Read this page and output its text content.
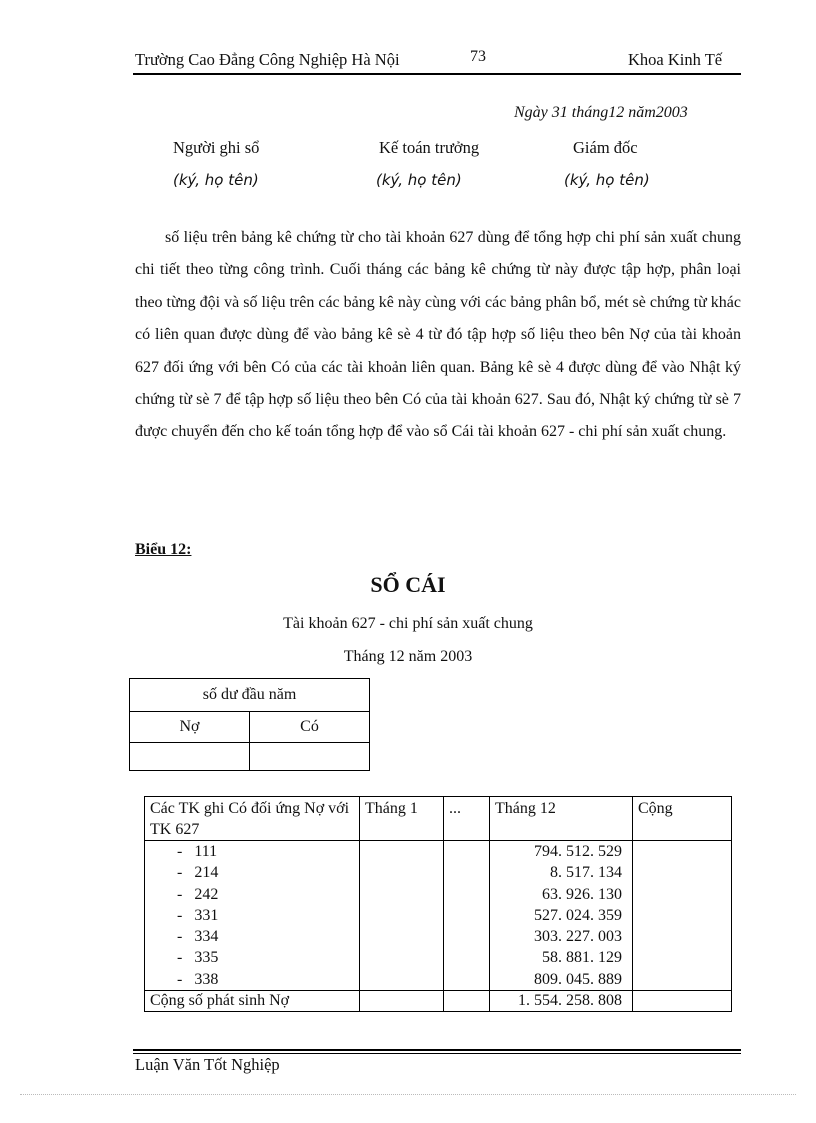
Trường Cao Đẳng Công Nghiệp Hà Nội	73	Khoa Kinh Tế
Ngày 31 tháng12 năm2003
Người ghi sổ	Kế toán trưởng	Giám đốc
(ký, họ tên)	(ký, họ tên)	(ký, họ tên)
số liệu trên bảng kê chứng từ cho tài khoản 627 dùng để tổng hợp chi phí sản xuất chung chi tiết theo từng công trình. Cuối tháng các bảng kê chứng từ này được tập hợp, phân loại theo từng đội và số liệu trên các bảng kê này cùng với các bảng phân bổ, mét sè chứng từ khác có liên quan được dùng để vào bảng kê sè 4 từ đó tập hợp số liệu theo bên Nợ của tài khoản 627 đối ứng với bên Có của các tài khoản liên quan. Bảng kê sè 4 được dùng để vào Nhật ký chứng từ sè 7 để tập hợp số liệu theo bên Có của tài khoản 627. Sau đó, Nhật ký chứng từ sè 7 được chuyển đến cho kế toán tổng hợp để vào sổ Cái tài khoản 627 - chi phí sản xuất chung.
Biểu 12:
SỔ CÁI
Tài khoản 627 - chi phí sản xuất chung
Tháng 12 năm 2003
số dư đầu năm	
Nợ	Có

Các TK ghi Có đối ứng Nợ với TK 627	Tháng 1	...	Tháng 12	Cộng
- 111			794. 512. 529	
- 214			8. 517. 134	
- 242			63. 926. 130	
- 331			527. 024. 359	
- 334			303. 227. 003	
- 335			58. 881. 129	
- 338			809. 045. 889	
Cộng số phát sinh Nợ			1. 554. 258. 808	
Luận Văn Tốt Nghiệp
